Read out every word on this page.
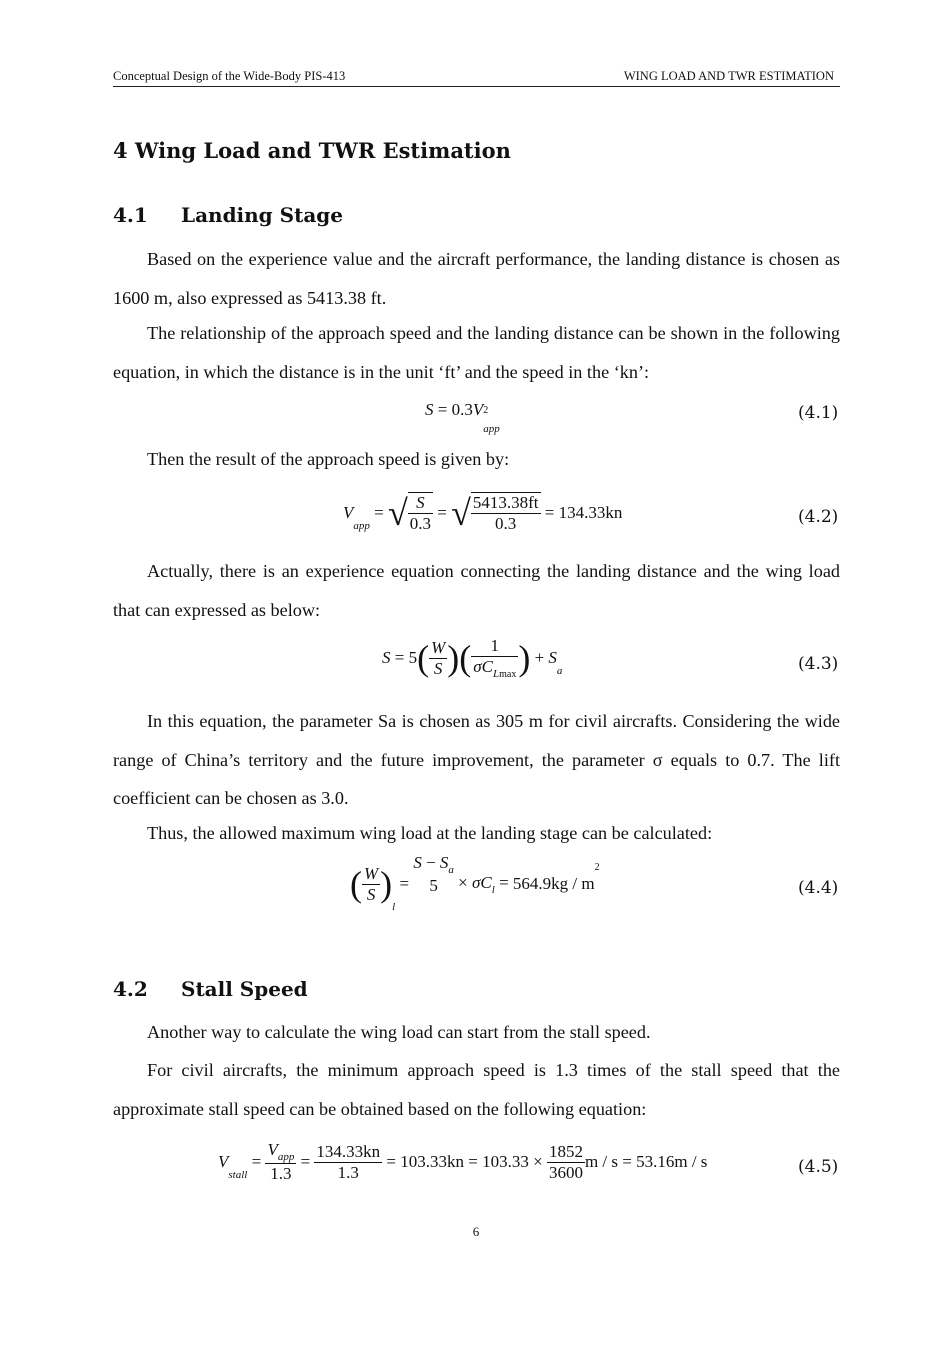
Conceptual Design of the Wide-Body PIS-413	WING LOAD AND TWR ESTIMATION
4 Wing Load and TWR Estimation
4.1 Landing Stage
Based on the experience value and the aircraft performance, the landing distance is chosen as 1600 m, also expressed as 5413.38 ft.
The relationship of the approach speed and the landing distance can be shown in the following equation, in which the distance is in the unit ‘ft’ and the speed in the ‘kn’:
S = 0.3V 2
app
(4.1)
Then the result of the approach speed is given by:
$V_{app}$ = √ $\frac{S}{0.3}$ = √ $\frac{5413.38ft}{0.3} = 134.33kn$	(4.2)
Actually, there is an experience equation connecting the landing distance and the wing load that can expressed as below:
$S = 5( \frac{W}{S}$ )( $\frac{1}{\sigma C_{Lmax}}$ ) + $S_a$	(4.3)
In this equation, the parameter Sa is chosen as 305 m for civil aircrafts. Considering the wide range of China’s territory and the future improvement, the parameter σ equals to 0.7. The lift coefficient can be chosen as 3.0.
Thus, the allowed maximum wing load at the landing stage can be calculated:
( $\frac{W}{S} )_l$ =
$S - S_a$
$5 \times \sigma C_l = 564.9kg / m^2$
(4.4)
4.2 Stall Speed
Another way to calculate the wing load can start from the stall speed.
For civil aircrafts, the minimum approach speed is 1.3 times of the stall speed that the approximate stall speed can be obtained based on the following equation:
$V_{stall} = \frac{V_{app}}{1.3} = \frac{134.33kn}{1.3} = 103.33kn = 103.33 \times \frac{1852}{3600}$ m / s = 53.16m / s	(4.5)
6
